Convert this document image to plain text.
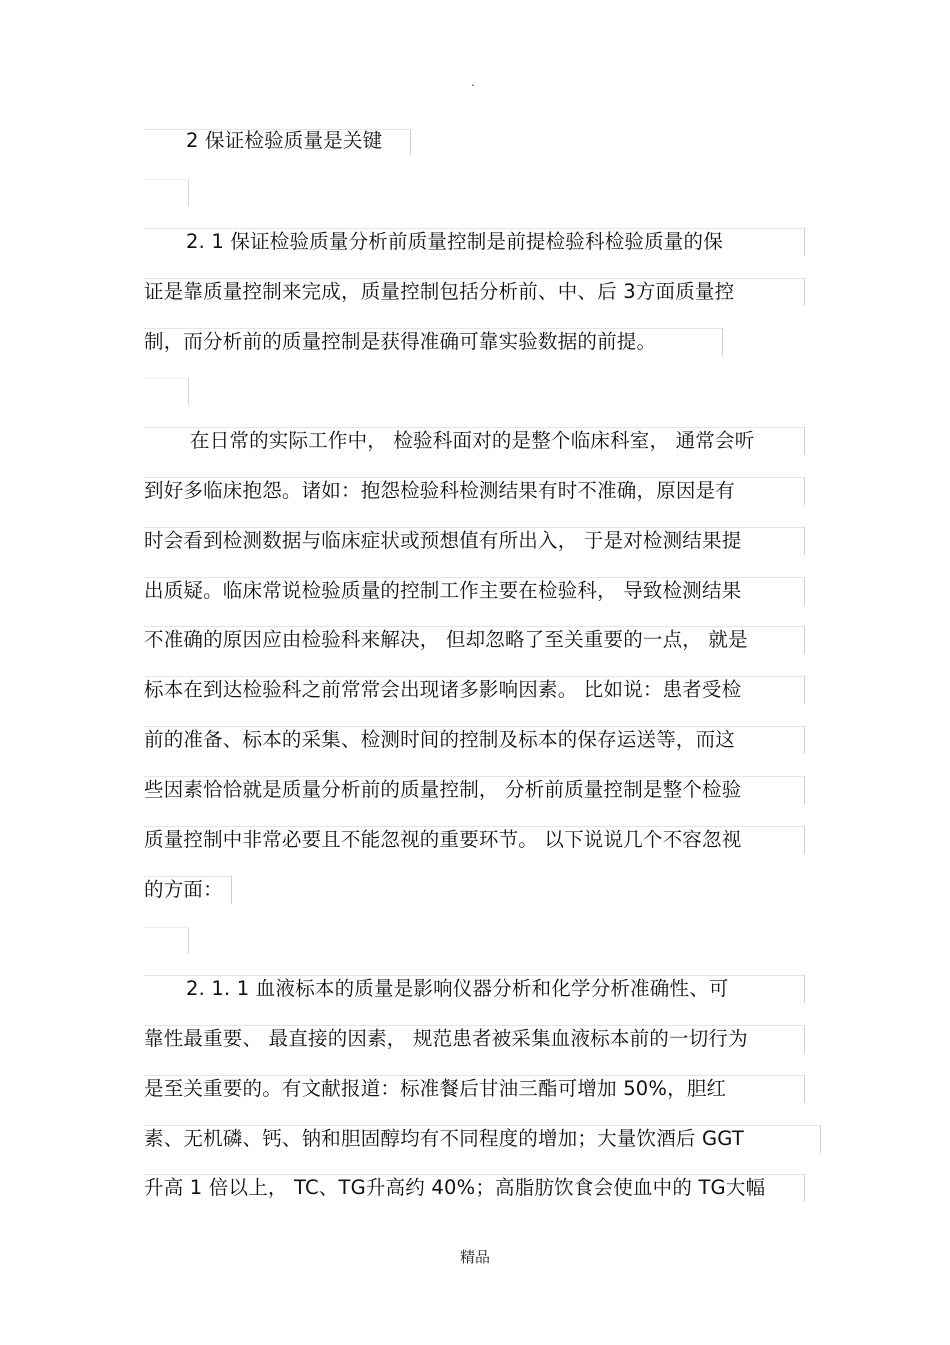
.
2 保证检验质量是关键
2. 1 保证检验质量分析前质量控制是前提检验科检验质量的保
证是靠质量控制来完成，质量控制包括分析前、中、后 3方面质量控
制，而分析前的质量控制是获得准确可靠实验数据的前提。
在日常的实际工作中， 检验科面对的是整个临床科室， 通常会听
到好多临床抱怨。诸如：抱怨检验科检测结果有时不准确，原因是有
时会看到检测数据与临床症状或预想值有所出入， 于是对检测结果提
出质疑。临床常说检验质量的控制工作主要在检验科， 导致检测结果
不准确的原因应由检验科来解决， 但却忽略了至关重要的一点， 就是
标本在到达检验科之前常常会出现诸多影响因素。 比如说：患者受检
前的准备、标本的采集、检测时间的控制及标本的保存运送等，而这
些因素恰恰就是质量分析前的质量控制， 分析前质量控制是整个检验
质量控制中非常必要且不能忽视的重要环节。 以下说说几个不容忽视
的方面：
2. 1. 1 血液标本的质量是影响仪器分析和化学分析准确性、可
靠性最重要、 最直接的因素， 规范患者被采集血液标本前的一切行为
是至关重要的。有文献报道：标准餐后甘油三酯可增加 50%，胆红
素、无机磷、钙、钠和胆固醇均有不同程度的增加；大量饮酒后 GGT
升高 1 倍以上， TC、TG升高约 40%；高脂肪饮食会使血中的 TG大幅
精品
